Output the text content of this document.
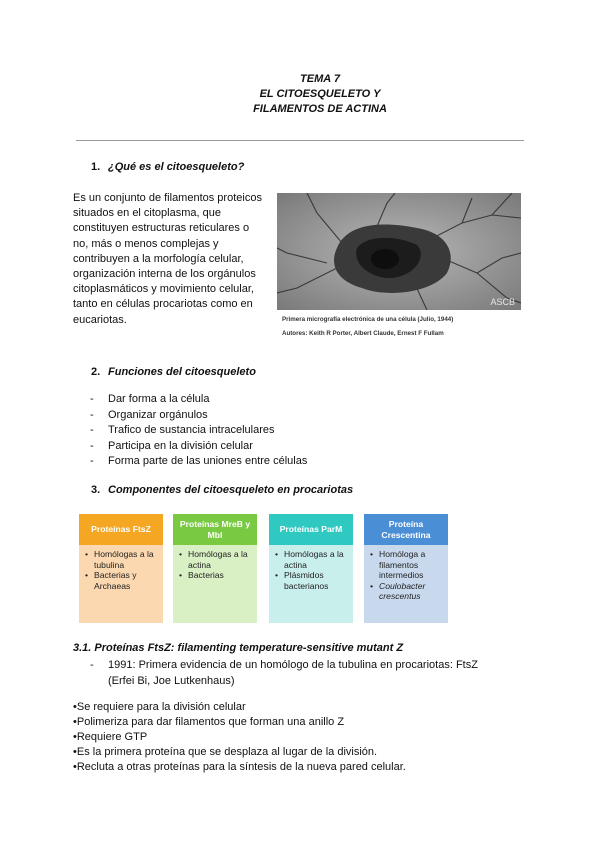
TEMA 7
EL CITOESQUELETO Y
FILAMENTOS DE ACTINA
1. ¿Qué es el citoesqueleto?
Es un conjunto de filamentos proteicos
situados en el citoplasma, que
constituyen estructuras reticulares o
no, más o menos complejas y
contribuyen a la morfología celular,
organización interna de los orgánulos
citoplasmáticos y movimiento celular,
tanto en células procariotas como en
eucariotas.
ASCB
Primera micrografía electrónica de una célula (Julio, 1944)
Autores: Keith R Porter, Albert Claude, Ernest F Fullam
2. Funciones del citoesqueleto
- Dar forma a la célula
- Organizar orgánulos
- Trafico de sustancia intracelulares
- Participa en la división celular
- Forma parte de las uniones entre células
3. Componentes del citoesqueleto en procariotas
Proteínas FtsZ
• Homólogas a la tubulina
• Bacterias y Archaeas
Proteínas MreB y Mbl
• Homólogas a la actina
• Bacterias
Proteínas ParM
• Homólogas a la actina
• Plásmidos bacterianos
Proteína Crescentina
• Homóloga a filamentos intermedios
• Coulobacter crescentus
3.1. Proteínas FtsZ: filamenting temperature-sensitive mutant Z
- 1991: Primera evidencia de un homólogo de la tubulina en procariotas: FtsZ
(Erfei Bi, Joe Lutkenhaus)
• Se requiere para la división celular
• Polimeriza para dar filamentos que forman una anillo Z
• Requiere GTP
• Es la primera proteína que se desplaza al lugar de la división.
• Recluta a otras proteínas para la síntesis de la nueva pared celular.
